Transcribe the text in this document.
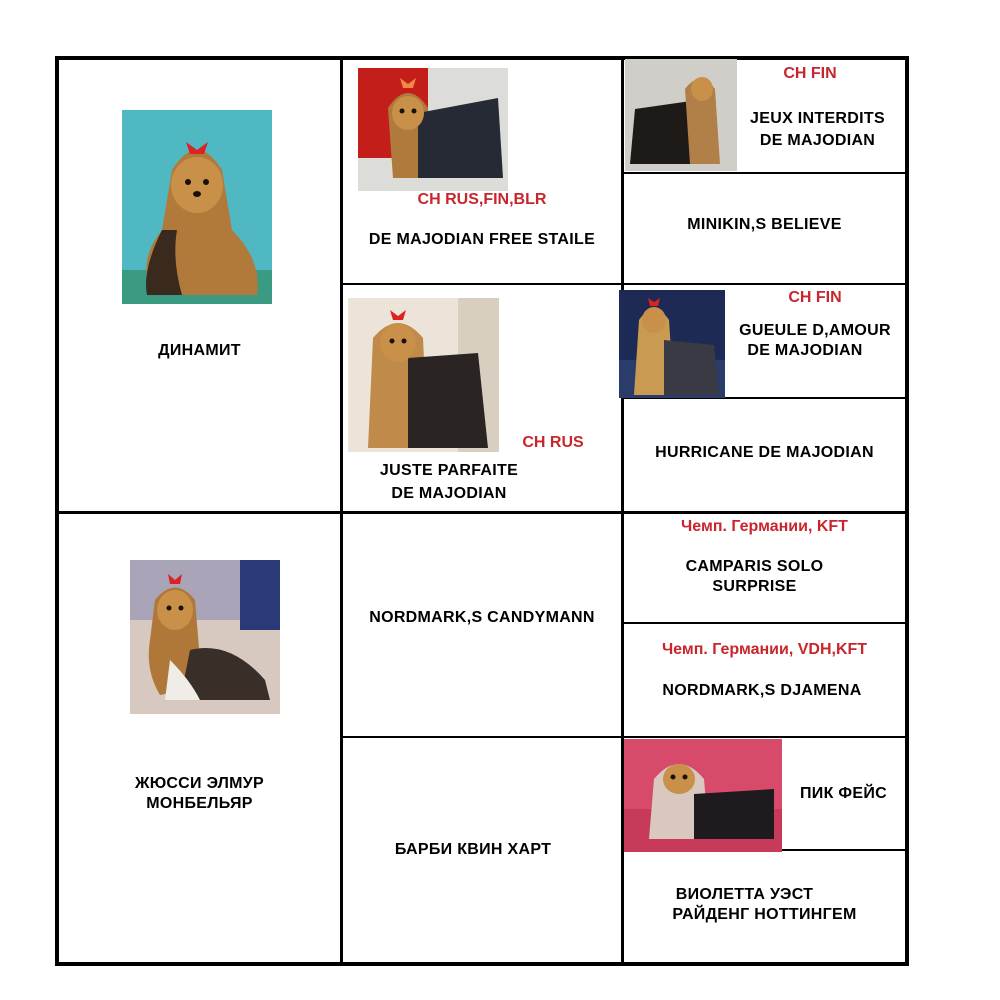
ДИНАМИТ
ЖЮССИ ЭЛМУР
МОНБЕЛЬЯР
CH RUS,FIN,BLR
DE MAJODIAN FREE STAILE
CH RUS
JUSTE PARFAITE
DE MAJODIAN
NORDMARK,S CANDYMANN
БАРБИ КВИН ХАРТ
CH FIN
JEUX INTERDITS
DE MAJODIAN
MINIKIN,S BELIEVE
CH FIN
GUEULE D,AMOUR
DE MAJODIAN
HURRICANE DE MAJODIAN
Чемп. Германии, KFT
CAMPARIS SOLO
SURPRISE
Чемп. Германии, VDH,KFT
NORDMARK,S DJAMENA
ПИК ФЕЙС
ВИОЛЕТТА УЭСТ
РАЙДЕНГ НОТТИНГЕМ
